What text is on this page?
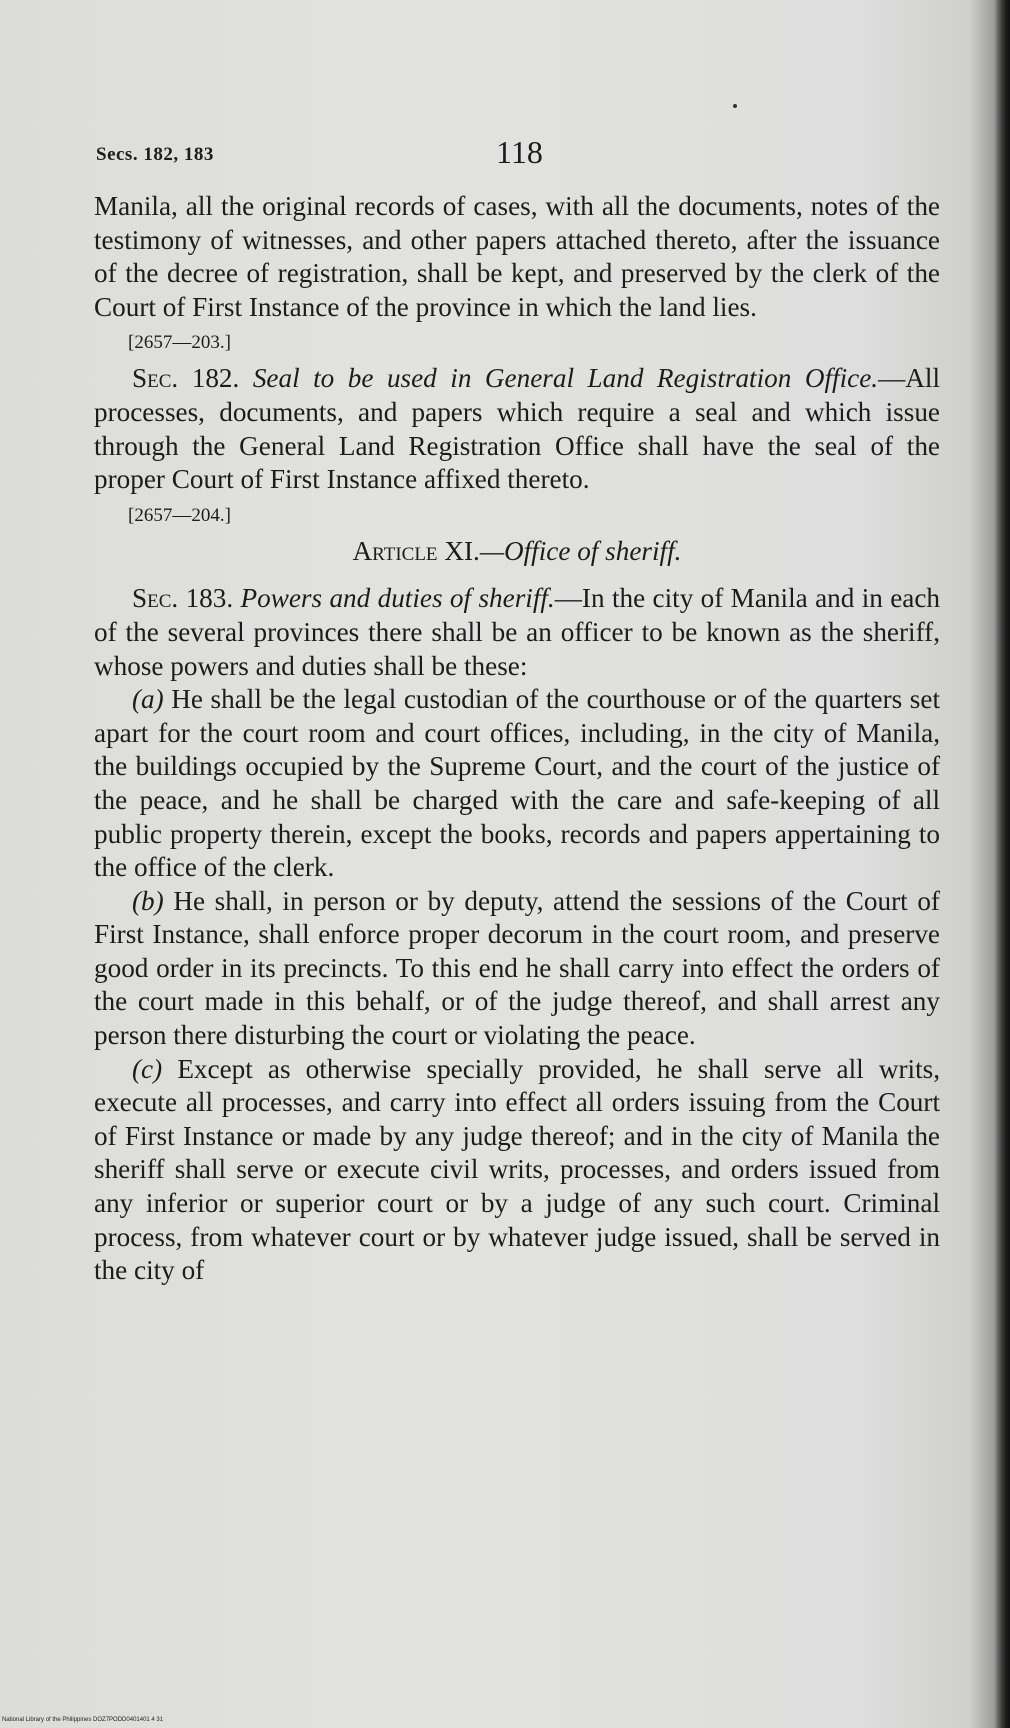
Secs. 182, 183	118

Manila, all the original records of cases, with all the documents, notes of the testimony of witnesses, and other papers attached thereto, after the issuance of the decree of registration, shall be kept, and preserved by the clerk of the Court of First Instance of the province in which the land lies.

[2657—203.]

Sec. 182. Seal to be used in General Land Registration Office.—All processes, documents, and papers which require a seal and which issue through the General Land Registration Office shall have the seal of the proper Court of First Instance affixed thereto.

[2657—204.]

Article XI.—Office of sheriff.

Sec. 183. Powers and duties of sheriff.—In the city of Manila and in each of the several provinces there shall be an officer to be known as the sheriff, whose powers and duties shall be these:

(a) He shall be the legal custodian of the courthouse or of the quarters set apart for the court room and court offices, including, in the city of Manila, the buildings occupied by the Supreme Court, and the court of the justice of the peace, and he shall be charged with the care and safe-keeping of all public property therein, except the books, records and papers appertaining to the office of the clerk.

(b) He shall, in person or by deputy, attend the sessions of the Court of First Instance, shall enforce proper decorum in the court room, and preserve good order in its precincts. To this end he shall carry into effect the orders of the court made in this behalf, or of the judge thereof, and shall arrest any person there disturbing the court or violating the peace.

(c) Except as otherwise specially provided, he shall serve all writs, execute all processes, and carry into effect all orders issuing from the Court of First Instance or made by any judge thereof; and in the city of Manila the sheriff shall serve or execute civil writs, processes, and orders issued from any inferior or superior court or by a judge of any such court. Criminal process, from whatever court or by whatever judge issued, shall be served in the city of

National Library of the Philippines DOZ7PODD0401401 4 31
